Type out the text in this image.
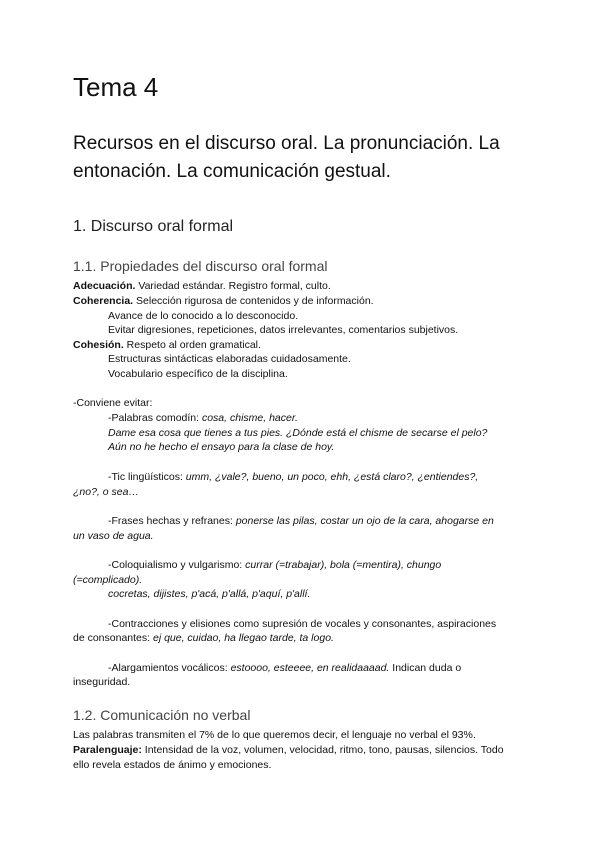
Tema 4
Recursos en el discurso oral. La pronunciación. La entonación. La comunicación gestual.
1. Discurso oral formal
1.1. Propiedades del discurso oral formal
Adecuación. Variedad estándar. Registro formal, culto.
Coherencia. Selección rigurosa de contenidos y de información.
Avance de lo conocido a lo desconocido.
Evitar digresiones, repeticiones, datos irrelevantes, comentarios subjetivos.
Cohesión. Respeto al orden gramatical.
Estructuras sintácticas elaboradas cuidadosamente.
Vocabulario específico de la disciplina.
-Conviene evitar:
-Palabras comodín: cosa, chisme, hacer.
Dame esa cosa que tienes a tus pies. ¿Dónde está el chisme de secarse el pelo?
Aún no he hecho el ensayo para la clase de hoy.
-Tic lingüísticos: umm, ¿vale?, bueno, un poco, ehh, ¿está claro?, ¿entiendes?,
¿no?, o sea…
-Frases hechas y refranes: ponerse las pilas, costar un ojo de la cara, ahogarse en
un vaso de agua.
-Coloquialismo y vulgarismo: currar (=trabajar), bola (=mentira), chungo
(=complicado).
cocretas, dijistes, p'acá, p'allá, p'aquí, p'allí.
-Contracciones y elisiones como supresión de vocales y consonantes, aspiraciones
de consonantes: ej que, cuidao, ha llegao tarde, ta logo.
-Alargamientos vocálicos: estoooo, esteeee, en realidaaaad. Indican duda o
inseguridad.
1.2. Comunicación no verbal
Las palabras transmiten el 7% de lo que queremos decir, el lenguaje no verbal el 93%.
Paralenguaje: Intensidad de la voz, volumen, velocidad, ritmo, tono, pausas, silencios. Todo
ello revela estados de ánimo y emociones.
